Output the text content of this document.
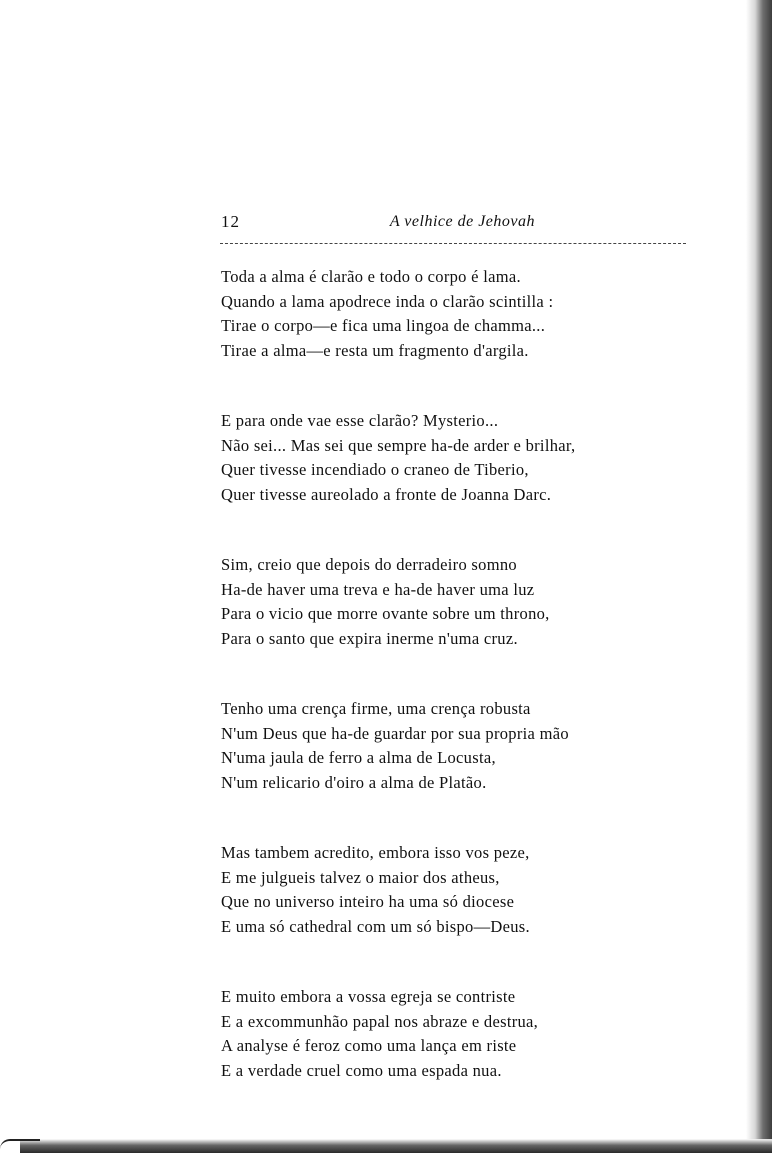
12	A velhice de Jehovah
Toda a alma é clarão e todo o corpo é lama.
Quando a lama apodrece inda o clarão scintilla :
Tirae o corpo—e fica uma lingoa de chamma...
Tirae a alma—e resta um fragmento d'argila.
E para onde vae esse clarão? Mysterio...
Não sei... Mas sei que sempre ha-de arder e brilhar,
Quer tivesse incendiado o craneo de Tiberio,
Quer tivesse aureolado a fronte de Joanna Darc.
Sim, creio que depois do derradeiro somno
Ha-de haver uma treva e ha-de haver uma luz
Para o vicio que morre ovante sobre um throno,
Para o santo que expira inerme n'uma cruz.
Tenho uma crença firme, uma crença robusta
N'um Deus que ha-de guardar por sua propria mão
N'uma jaula de ferro a alma de Locusta,
N'um relicario d'oiro a alma de Platão.
Mas tambem acredito, embora isso vos peze,
E me julgueis talvez o maior dos atheus,
Que no universo inteiro ha uma só diocese
E uma só cathedral com um só bispo—Deus.
E muito embora a vossa egreja se contriste
E a excommunhão papal nos abraze e destrua,
A analyse é feroz como uma lança em riste
E a verdade cruel como uma espada nua.
